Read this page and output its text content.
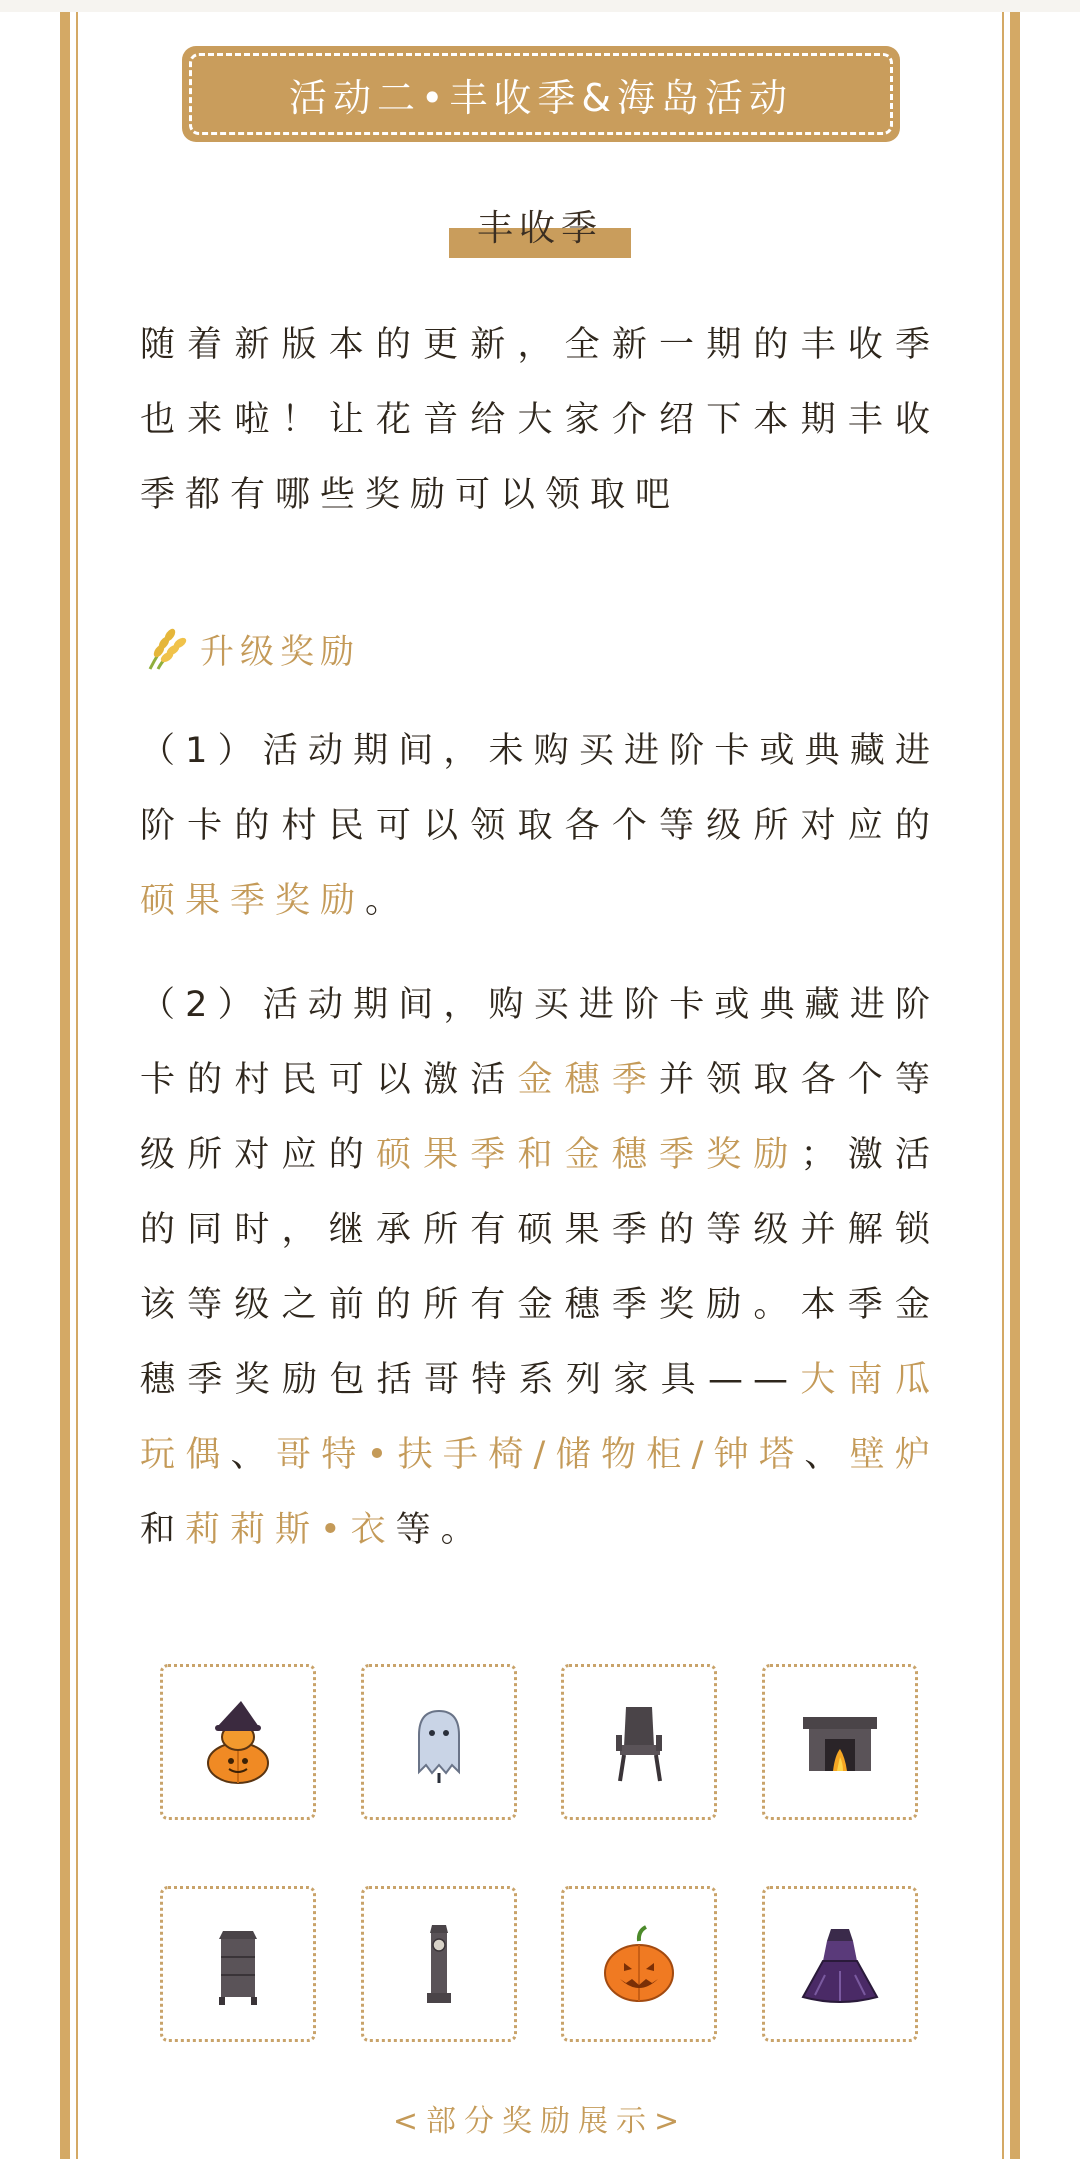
活动二•丰收季&海岛活动
丰收季

随着新版本的更新，全新一期的丰收季也来啦！让花音给大家介绍下本期丰收季都有哪些奖励可以领取吧

升级奖励

（1）活动期间，未购买进阶卡或典藏进阶卡的村民可以领取各个等级所对应的硕果季奖励。

（2）活动期间，购买进阶卡或典藏进阶卡的村民可以激活金穗季并领取各个等级所对应的硕果季和金穗季奖励；激活的同时，继承所有硕果季的等级并解锁该等级之前的所有金穗季奖励。本季金穗季奖励包括哥特系列家具——大南瓜玩偶、哥特•扶手椅/储物柜/钟塔、壁炉和莉莉斯•衣等。

<部分奖励展示>
